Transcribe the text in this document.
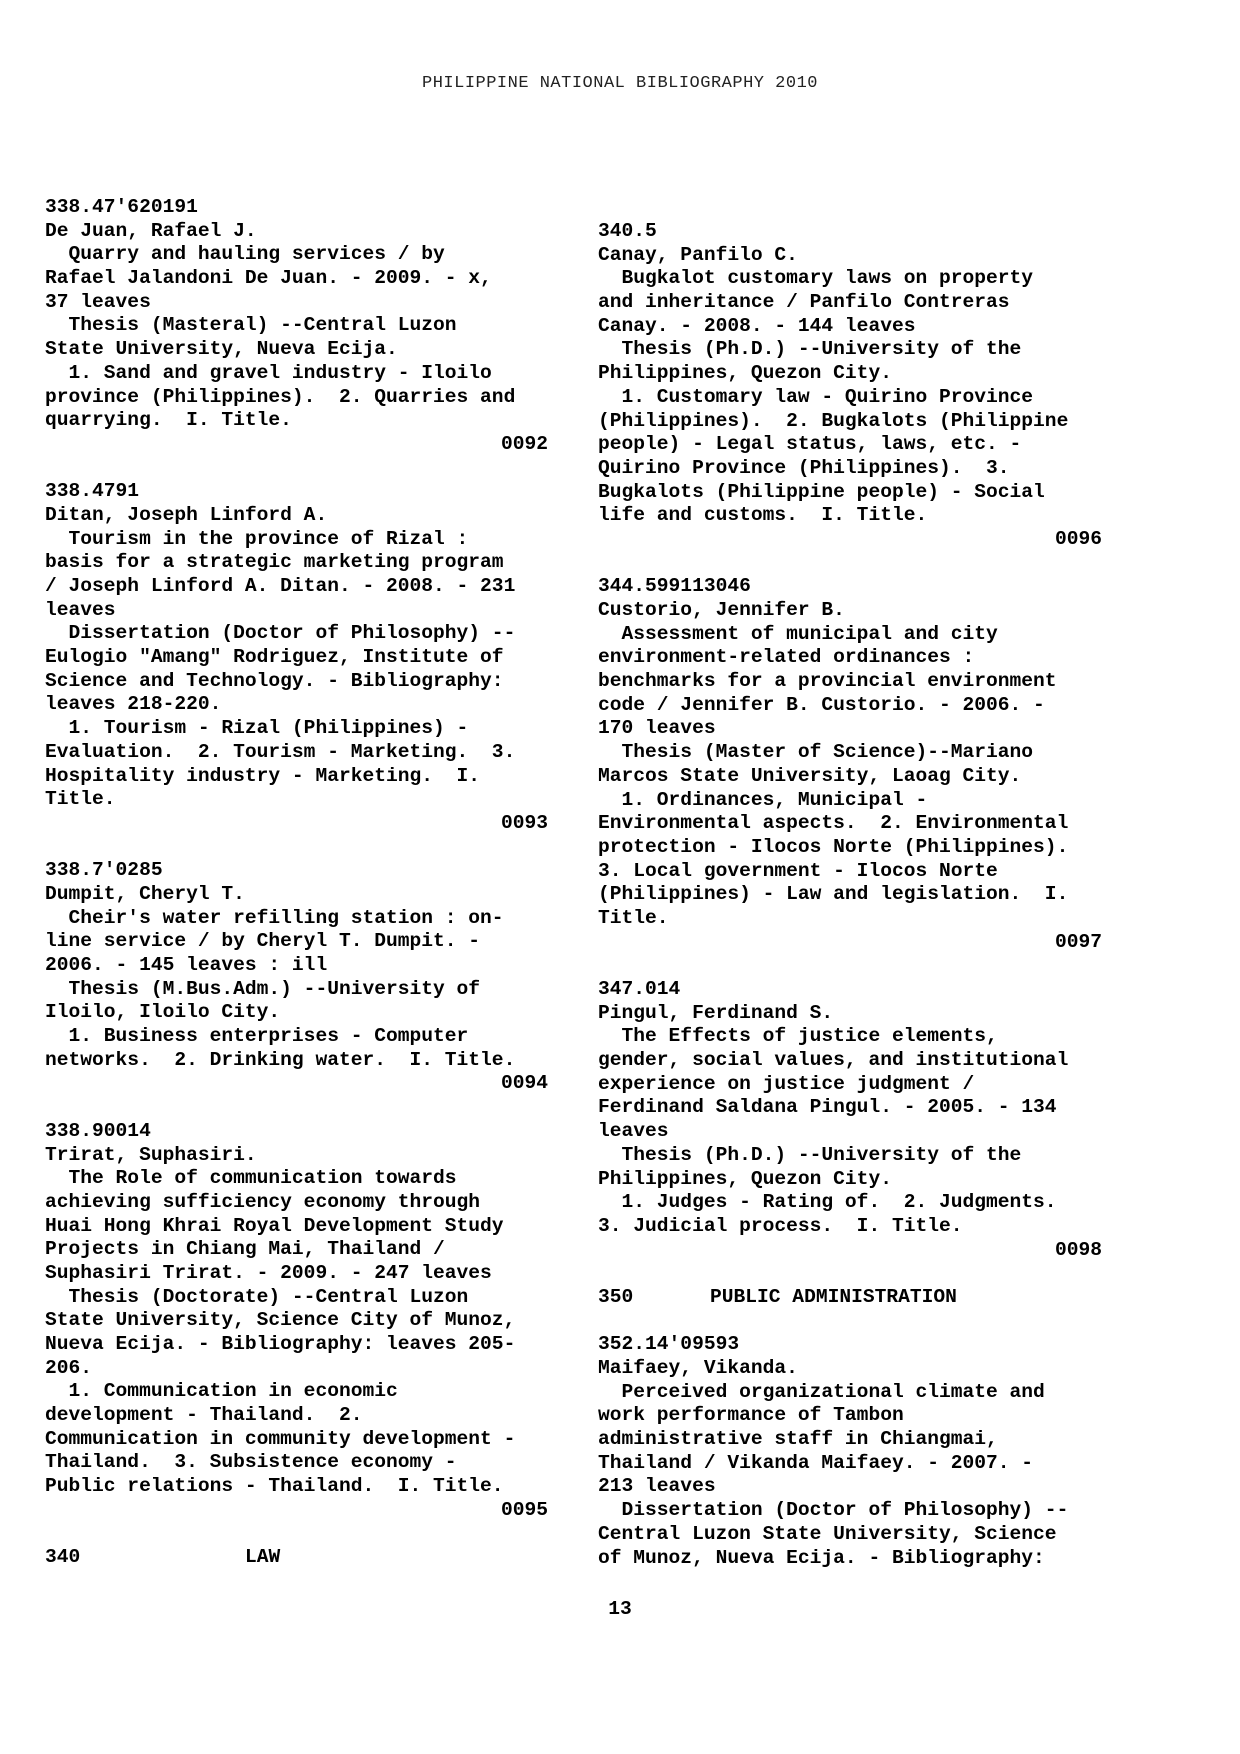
PHILIPPINE NATIONAL BIBLIOGRAPHY 2010
338.47'620191
De Juan, Rafael J.
Quarry and hauling services / by
Rafael Jalandoni De Juan. - 2009. - x,
37 leaves
Thesis (Masteral) --Central Luzon
State University, Nueva Ecija.
1. Sand and gravel industry - Iloilo
province (Philippines).  2. Quarries and
quarrying.  I. Title.
0092
338.4791
Ditan, Joseph Linford A.
Tourism in the province of Rizal :
basis for a strategic marketing program
/ Joseph Linford A. Ditan. - 2008. - 231
leaves
Dissertation (Doctor of Philosophy) --
Eulogio "Amang" Rodriguez, Institute of
Science and Technology. - Bibliography:
leaves 218-220.
1. Tourism - Rizal (Philippines) -
Evaluation.  2. Tourism - Marketing.  3.
Hospitality industry - Marketing.  I.
Title.
0093
338.7'0285
Dumpit, Cheryl T.
Cheir's water refilling station : on-
line service / by Cheryl T. Dumpit. -
2006. - 145 leaves : ill
Thesis (M.Bus.Adm.) --University of
Iloilo, Iloilo City.
1. Business enterprises - Computer
networks.  2. Drinking water.  I. Title.
0094
338.90014
Trirat, Suphasiri.
The Role of communication towards
achieving sufficiency economy through
Huai Hong Khrai Royal Development Study
Projects in Chiang Mai, Thailand /
Suphasiri Trirat. - 2009. - 247 leaves
Thesis (Doctorate) --Central Luzon
State University, Science City of Munoz,
Nueva Ecija. - Bibliography: leaves 205-
206.
1. Communication in economic
development - Thailand.  2.
Communication in community development -
Thailand.  3. Subsistence economy -
Public relations - Thailand.  I. Title.
0095
340	LAW
340.5
Canay, Panfilo C.
Bugkalot customary laws on property
and inheritance / Panfilo Contreras
Canay. - 2008. - 144 leaves
Thesis (Ph.D.) --University of the
Philippines, Quezon City.
1. Customary law - Quirino Province
(Philippines).  2. Bugkalots (Philippine
people) - Legal status, laws, etc. -
Quirino Province (Philippines).  3.
Bugkalots (Philippine people) - Social
life and customs.  I. Title.
0096
344.599113046
Custorio, Jennifer B.
Assessment of municipal and city
environment-related ordinances :
benchmarks for a provincial environment
code / Jennifer B. Custorio. - 2006. -
170 leaves
Thesis (Master of Science)--Mariano
Marcos State University, Laoag City.
1. Ordinances, Municipal -
Environmental aspects.  2. Environmental
protection - Ilocos Norte (Philippines).
3. Local government - Ilocos Norte
(Philippines) - Law and legislation.  I.
Title.
0097
347.014
Pingul, Ferdinand S.
The Effects of justice elements,
gender, social values, and institutional
experience on justice judgment /
Ferdinand Saldana Pingul. - 2005. - 134
leaves
Thesis (Ph.D.) --University of the
Philippines, Quezon City.
1. Judges - Rating of.  2. Judgments.
3. Judicial process.  I. Title.
0098
350	PUBLIC ADMINISTRATION
352.14'09593
Maifaey, Vikanda.
Perceived organizational climate and
work performance of Tambon
administrative staff in Chiangmai,
Thailand / Vikanda Maifaey. - 2007. -
213 leaves
Dissertation (Doctor of Philosophy) --
Central Luzon State University, Science
of Munoz, Nueva Ecija. - Bibliography:
13
